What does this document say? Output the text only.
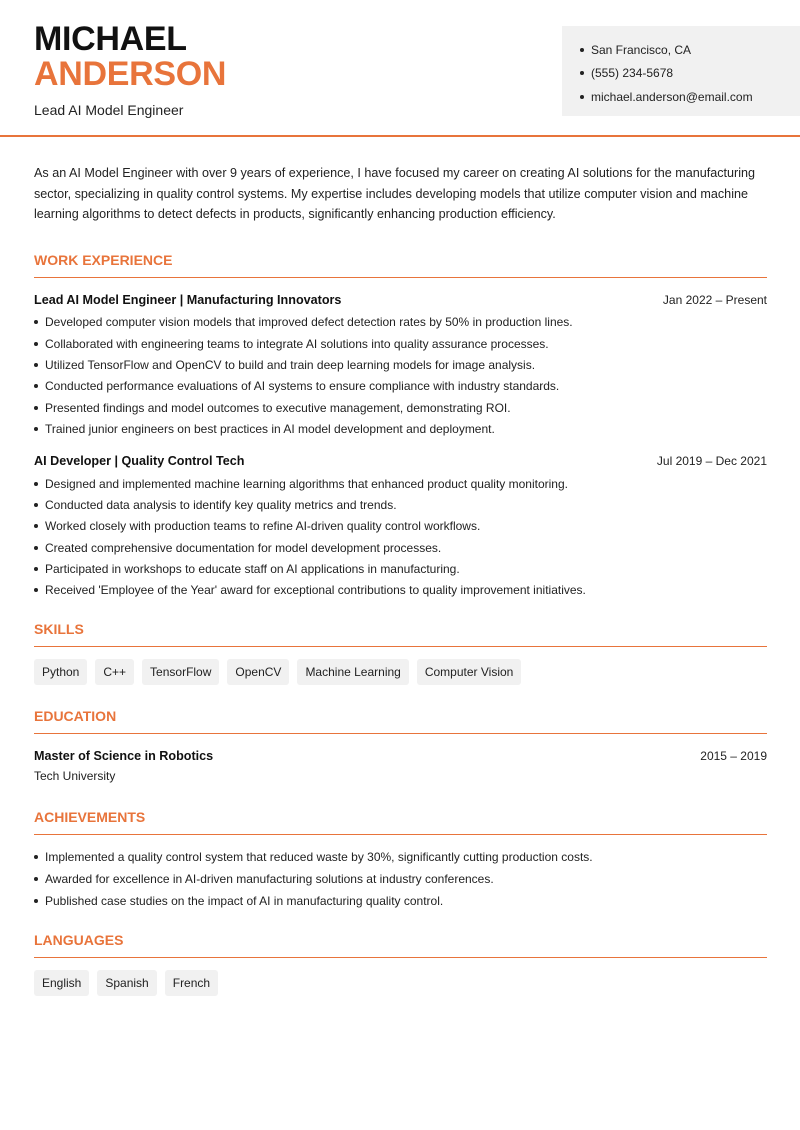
MICHAEL
ANDERSON
Lead AI Model Engineer
San Francisco, CA
(555) 234-5678
michael.anderson@email.com

As an AI Model Engineer with over 9 years of experience, I have focused my career on creating AI solutions for the manufacturing sector, specializing in quality control systems. My expertise includes developing models that utilize computer vision and machine learning algorithms to detect defects in products, significantly enhancing production efficiency.

WORK EXPERIENCE
Lead AI Model Engineer | Manufacturing Innovators	Jan 2022 – Present
Developed computer vision models that improved defect detection rates by 50% in production lines.
Collaborated with engineering teams to integrate AI solutions into quality assurance processes.
Utilized TensorFlow and OpenCV to build and train deep learning models for image analysis.
Conducted performance evaluations of AI systems to ensure compliance with industry standards.
Presented findings and model outcomes to executive management, demonstrating ROI.
Trained junior engineers on best practices in AI model development and deployment.
AI Developer | Quality Control Tech	Jul 2019 – Dec 2021
Designed and implemented machine learning algorithms that enhanced product quality monitoring.
Conducted data analysis to identify key quality metrics and trends.
Worked closely with production teams to refine AI-driven quality control workflows.
Created comprehensive documentation for model development processes.
Participated in workshops to educate staff on AI applications in manufacturing.
Received 'Employee of the Year' award for exceptional contributions to quality improvement initiatives.
SKILLS
Python	C++	TensorFlow	OpenCV	Machine Learning	Computer Vision
EDUCATION
Master of Science in Robotics	2015 – 2019
Tech University
ACHIEVEMENTS
Implemented a quality control system that reduced waste by 30%, significantly cutting production costs.
Awarded for excellence in AI-driven manufacturing solutions at industry conferences.
Published case studies on the impact of AI in manufacturing quality control.
LANGUAGES
English	Spanish	French
